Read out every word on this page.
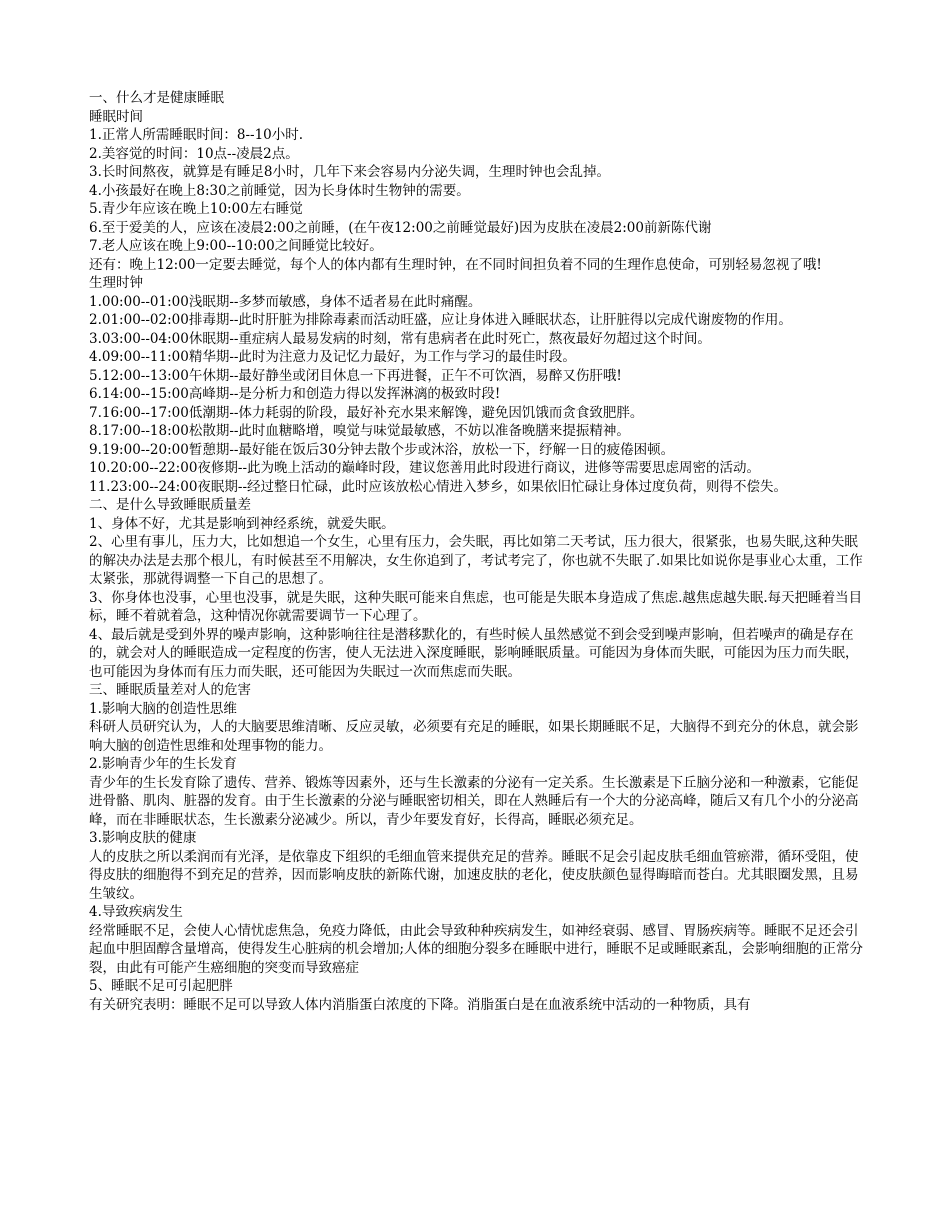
一、什么才是健康睡眠

睡眠时间

1.正常人所需睡眠时间：8--10小时.

2.美容觉的时间：10点--凌晨2点。

3.长时间熬夜，就算是有睡足8小时，几年下来会容易内分泌失调，生理时钟也会乱掉。

4.小孩最好在晚上8:30之前睡觉，因为长身体时生物钟的需要。

5.青少年应该在晚上10:00左右睡觉

6.至于爱美的人，应该在凌晨2:00之前睡，(在午夜12:00之前睡觉最好)因为皮肤在凌晨2:00前新陈代谢

7.老人应该在晚上9:00--10:00之间睡觉比较好。

还有：晚上12:00一定要去睡觉，每个人的体内都有生理时钟，在不同时间担负着不同的生理作息使命，可别轻易忽视了哦!

生理时钟

1.00:00--01:00浅眠期--多梦而敏感，身体不适者易在此时痛醒。

2.01:00--02:00排毒期--此时肝脏为排除毒素而活动旺盛，应让身体进入睡眠状态，让肝脏得以完成代谢废物的作用。

3.03:00--04:00休眠期--重症病人最易发病的时刻，常有患病者在此时死亡，熬夜最好勿超过这个时间。

4.09:00--11:00精华期--此时为注意力及记忆力最好，为工作与学习的最佳时段。

5.12:00--13:00午休期--最好静坐或闭目休息一下再进餐，正午不可饮酒，易醉又伤肝哦!

6.14:00--15:00高峰期--是分析力和创造力得以发挥淋漓的极致时段!

7.16:00--17:00低潮期--体力耗弱的阶段，最好补充水果来解馋，避免因饥饿而贪食致肥胖。

8.17:00--18:00松散期--此时血糖略增，嗅觉与味觉最敏感，不妨以准备晚膳来提振精神。

9.19:00--20:00暂憩期--最好能在饭后30分钟去散个步或沐浴，放松一下，纾解一日的疲倦困顿。

10.20:00--22:00夜修期--此为晚上活动的巅峰时段，建议您善用此时段进行商议，进修等需要思虑周密的活动。

11.23:00--24:00夜眠期--经过整日忙碌，此时应该放松心情进入梦乡，如果依旧忙碌让身体过度负荷，则得不偿失。

二、是什么导致睡眠质量差

1、身体不好，尤其是影响到神经系统，就爱失眠。

2、心里有事儿，压力大，比如想追一个女生，心里有压力，会失眠，再比如第二天考试，压力很大，很紧张，也易失眠,这种失眠的解决办法是去那个根儿，有时候甚至不用解决，女生你追到了，考试考完了，你也就不失眠了.如果比如说你是事业心太重，工作太紧张，那就得调整一下自己的思想了。

3、你身体也没事，心里也没事，就是失眠，这种失眠可能来自焦虑，也可能是失眠本身造成了焦虑.越焦虑越失眠.每天把睡着当目标，睡不着就着急，这种情况你就需要调节一下心理了。

4、最后就是受到外界的噪声影响，这种影响往往是潜移默化的，有些时候人虽然感觉不到会受到噪声影响，但若噪声的确是存在的，就会对人的睡眠造成一定程度的伤害，使人无法进入深度睡眠，影响睡眠质量。可能因为身体而失眠，可能因为压力而失眠，也可能因为身体而有压力而失眠，还可能因为失眠过一次而焦虑而失眠。

三、睡眠质量差对人的危害

1.影响大脑的创造性思维

科研人员研究认为，人的大脑要思维清晰、反应灵敏，必须要有充足的睡眠，如果长期睡眠不足，大脑得不到充分的休息，就会影响大脑的创造性思维和处理事物的能力。

2.影响青少年的生长发育

青少年的生长发育除了遗传、营养、锻炼等因素外，还与生长激素的分泌有一定关系。生长激素是下丘脑分泌和一种激素，它能促进骨骼、肌肉、脏器的发育。由于生长激素的分泌与睡眠密切相关，即在人熟睡后有一个大的分泌高峰，随后又有几个小的分泌高峰，而在非睡眠状态，生长激素分泌减少。所以，青少年要发育好，长得高，睡眠必须充足。

3.影响皮肤的健康

人的皮肤之所以柔润而有光泽，是依靠皮下组织的毛细血管来提供充足的营养。睡眠不足会引起皮肤毛细血管瘀滞，循环受阻，使得皮肤的细胞得不到充足的营养，因而影响皮肤的新陈代谢，加速皮肤的老化，使皮肤颜色显得晦暗而苍白。尤其眼圈发黑，且易生皱纹。

4.导致疾病发生

经常睡眠不足，会使人心情忧虑焦急，免疫力降低，由此会导致种种疾病发生，如神经衰弱、感冒、胃肠疾病等。睡眠不足还会引起血中胆固醇含量增高，使得发生心脏病的机会增加;人体的细胞分裂多在睡眠中进行，睡眠不足或睡眠紊乱，会影响细胞的正常分裂，由此有可能产生癌细胞的突变而导致癌症

5、睡眠不足可引起肥胖

有关研究表明：睡眠不足可以导致人体内消脂蛋白浓度的下降。消脂蛋白是在血液系统中活动的一种物质，具有
